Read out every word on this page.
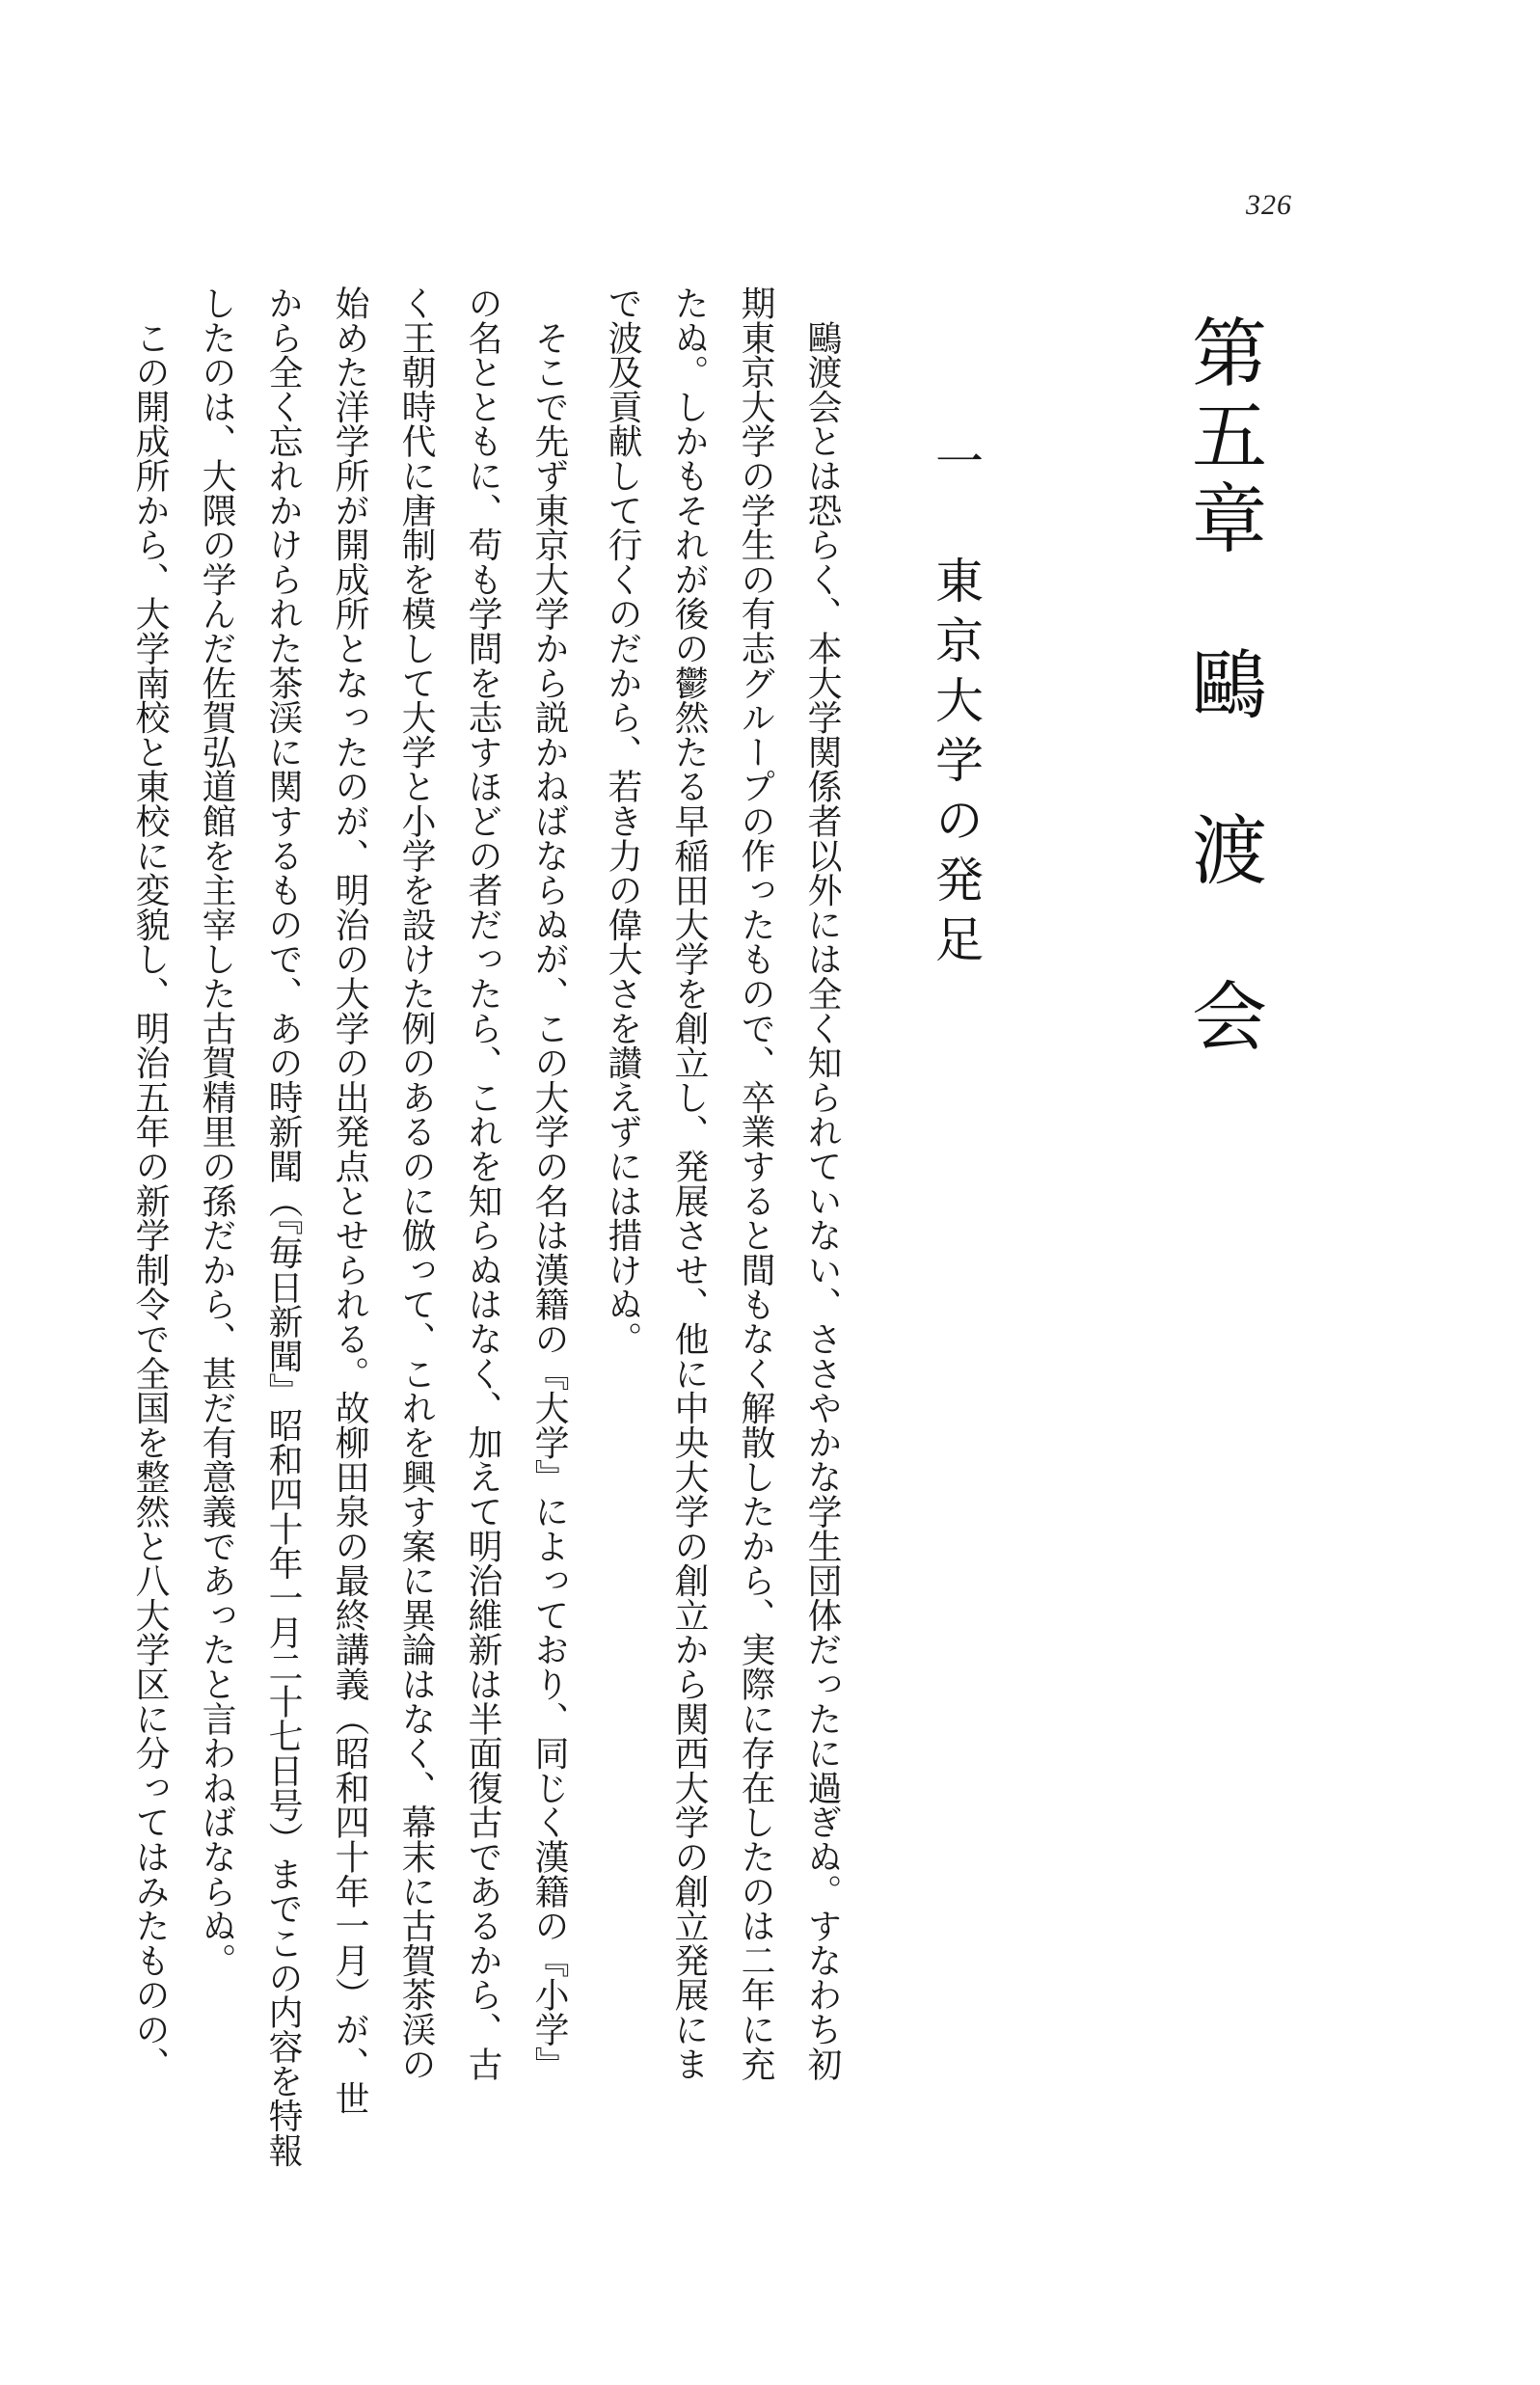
326
第五章　鷗　渡　会
一　東京大学の発足
　鷗渡会とは恐らく、本大学関係者以外には全く知られていない、ささやかな学生団体だったに過ぎぬ。すなわち初
期東京大学の学生の有志グループの作ったもので、卒業すると間もなく解散したから、実際に存在したのは二年に充
たぬ。しかもそれが後の鬱然たる早稲田大学を創立し、発展させ、他に中央大学の創立から関西大学の創立発展にま
で波及貢献して行くのだから、若き力の偉大さを讃えずには措けぬ。
　そこで先ず東京大学から説かねばならぬが、この大学の名は漢籍の『大学』によっており、同じく漢籍の『小学』
の名とともに、苟も学問を志すほどの者だったら、これを知らぬはなく、加えて明治維新は半面復古であるから、古
く王朝時代に唐制を模して大学と小学を設けた例のあるのに倣って、これを興す案に異論はなく、幕末に古賀茶渓の
始めた洋学所が開成所となったのが、明治の大学の出発点とせられる。故柳田泉の最終講義（昭和四十年一月）が、世
から全く忘れかけられた茶渓に関するもので、あの時新聞（『毎日新聞』昭和四十年一月二十七日号）までこの内容を特報
したのは、大隈の学んだ佐賀弘道館を主宰した古賀精里の孫だから、甚だ有意義であったと言わねばならぬ。
　この開成所から、大学南校と東校に変貌し、明治五年の新学制令で全国を整然と八大学区に分ってはみたものの、
